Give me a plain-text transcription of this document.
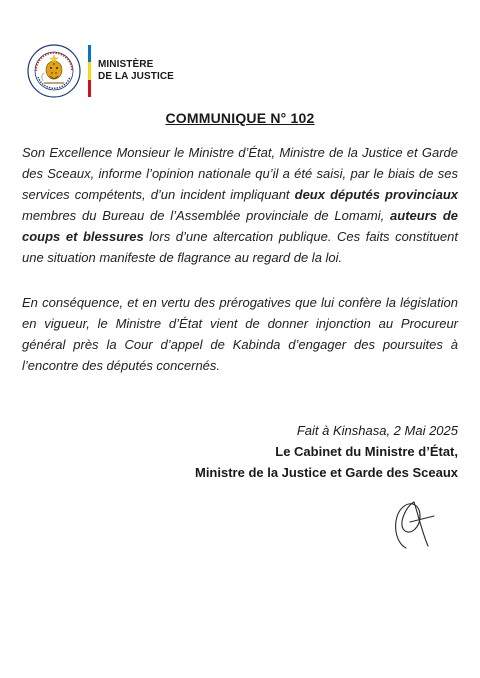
MINISTÈRE
DE LA JUSTICE
COMMUNIQUE N° 102
Son Excellence Monsieur le Ministre d’État, Ministre de la Justice et Garde des Sceaux, informe l’opinion nationale qu’il a été saisi, par le biais de ses services compétents, d’un incident impliquant deux députés provinciaux membres du Bureau de l’Assemblée provinciale de Lomami, auteurs de coups et blessures lors d’une altercation publique. Ces faits constituent une situation manifeste de flagrance au regard de la loi.
En conséquence, et en vertu des prérogatives que lui confère la législation en vigueur, le Ministre d’État vient de donner injonction au Procureur général près la Cour d’appel de Kabinda d’engager des poursuites à l’encontre des députés concernés.
Fait à Kinshasa, 2 Mai 2025
Le Cabinet du Ministre d’État,
Ministre de la Justice et Garde des Sceaux
